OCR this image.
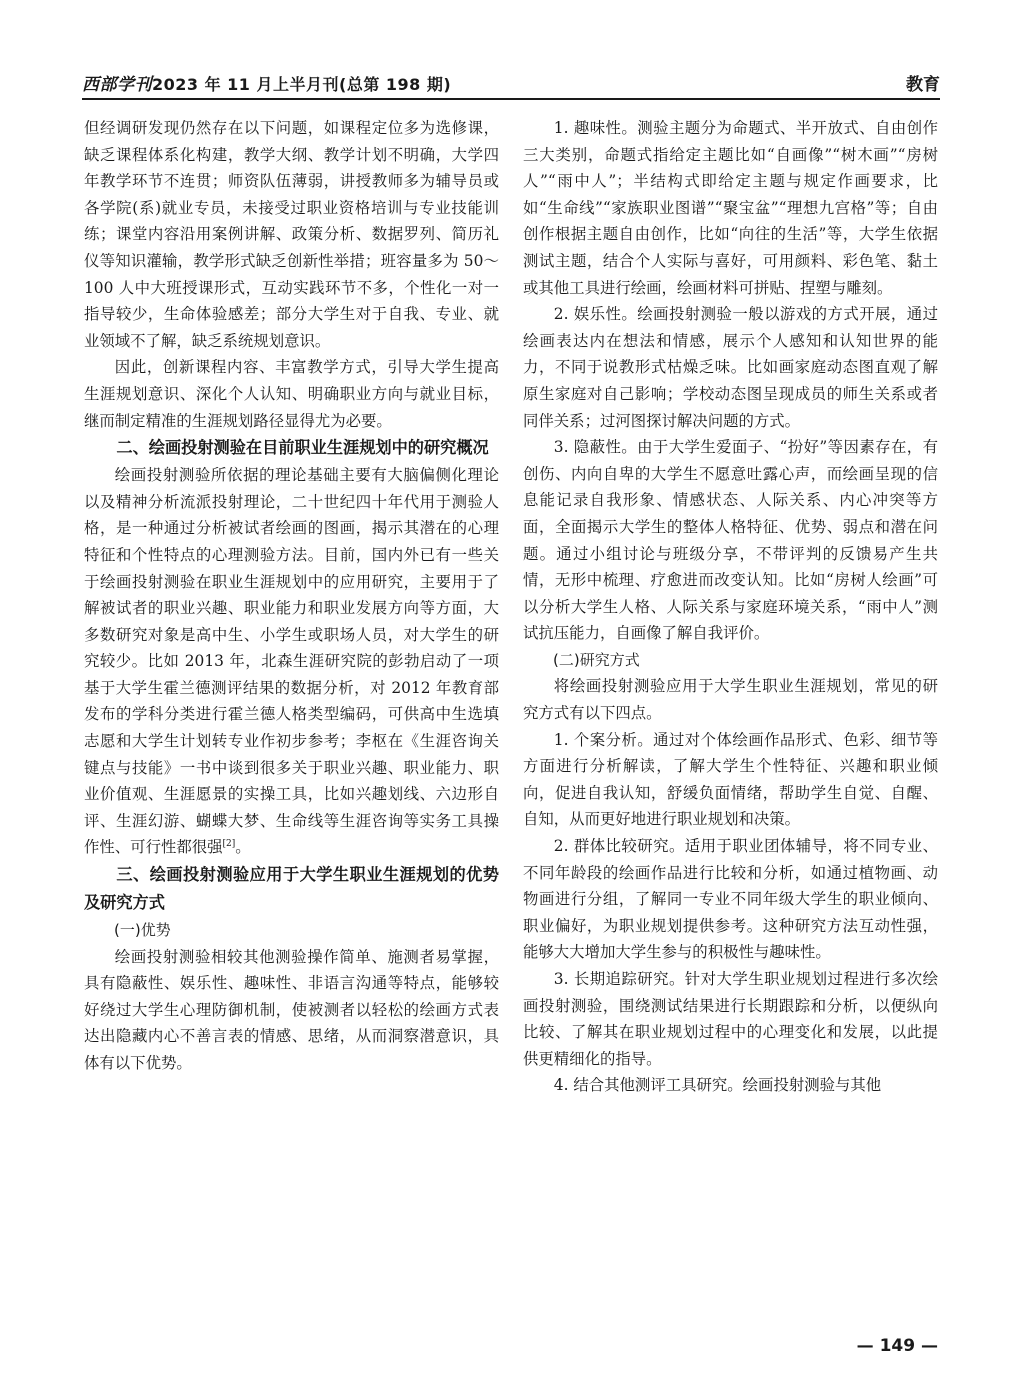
西部学刊2023 年 11 月上半月刊(总第 198 期)	教育

但经调研发现仍然存在以下问题，如课程定位多为选修课，缺乏课程体系化构建，教学大纲、教学计划不明确，大学四年教学环节不连贯；师资队伍薄弱，讲授教师多为辅导员或各学院(系)就业专员，未接受过职业资格培训与专业技能训练；课堂内容沿用案例讲解、政策分析、数据罗列、简历礼仪等知识灌输，教学形式缺乏创新性举措；班容量多为 50～100 人中大班授课形式，互动实践环节不多，个性化一对一指导较少，生命体验感差；部分大学生对于自我、专业、就业领域不了解，缺乏系统规划意识。

因此，创新课程内容、丰富教学方式，引导大学生提高生涯规划意识、深化个人认知、明确职业方向与就业目标，继而制定精准的生涯规划路径显得尤为必要。

二、绘画投射测验在目前职业生涯规划中的研究概况

绘画投射测验所依据的理论基础主要有大脑偏侧化理论以及精神分析流派投射理论，二十世纪四十年代用于测验人格，是一种通过分析被试者绘画的图画，揭示其潜在的心理特征和个性特点的心理测验方法。目前，国内外已有一些关于绘画投射测验在职业生涯规划中的应用研究，主要用于了解被试者的职业兴趣、职业能力和职业发展方向等方面，大多数研究对象是高中生、小学生或职场人员，对大学生的研究较少。比如 2013 年，北森生涯研究院的彭勃启动了一项基于大学生霍兰德测评结果的数据分析，对 2012 年教育部发布的学科分类进行霍兰德人格类型编码，可供高中生选填志愿和大学生计划转专业作初步参考；李枢在《生涯咨询关键点与技能》一书中谈到很多关于职业兴趣、职业能力、职业价值观、生涯愿景的实操工具，比如兴趣划线、六边形自评、生涯幻游、蝴蝶大梦、生命线等生涯咨询等实务工具操作性、可行性都很强[2]。

三、绘画投射测验应用于大学生职业生涯规划的优势及研究方式
(一)优势

绘画投射测验相较其他测验操作简单、施测者易掌握，具有隐蔽性、娱乐性、趣味性、非语言沟通等特点，能够较好绕过大学生心理防御机制，使被测者以轻松的绘画方式表达出隐藏内心不善言表的情感、思绪，从而洞察潜意识，具体有以下优势。

1. 趣味性。测验主题分为命题式、半开放式、自由创作三大类别，命题式指给定主题比如“自画像”“树木画”“房树人”“雨中人”；半结构式即给定主题与规定作画要求，比如“生命线”“家族职业图谱”“聚宝盆”“理想九宫格”等；自由创作根据主题自由创作，比如“向往的生活”等，大学生依据测试主题，结合个人实际与喜好，可用颜料、彩色笔、黏土或其他工具进行绘画，绘画材料可拼贴、捏塑与雕刻。

2. 娱乐性。绘画投射测验一般以游戏的方式开展，通过绘画表达内在想法和情感，展示个人感知和认知世界的能力，不同于说教形式枯燥乏味。比如画家庭动态图直观了解原生家庭对自己影响；学校动态图呈现成员的师生关系或者同伴关系；过河图探讨解决问题的方式。

3. 隐蔽性。由于大学生爱面子、“扮好”等因素存在，有创伤、内向自卑的大学生不愿意吐露心声，而绘画呈现的信息能记录自我形象、情感状态、人际关系、内心冲突等方面，全面揭示大学生的整体人格特征、优势、弱点和潜在问题。通过小组讨论与班级分享，不带评判的反馈易产生共情，无形中梳理、疗愈进而改变认知。比如“房树人绘画”可以分析大学生人格、人际关系与家庭环境关系，“雨中人”测试抗压能力，自画像了解自我评价。

(二)研究方式

将绘画投射测验应用于大学生职业生涯规划，常见的研究方式有以下四点。

1. 个案分析。通过对个体绘画作品形式、色彩、细节等方面进行分析解读，了解大学生个性特征、兴趣和职业倾向，促进自我认知，舒缓负面情绪，帮助学生自觉、自醒、自知，从而更好地进行职业规划和决策。

2. 群体比较研究。适用于职业团体辅导，将不同专业、不同年龄段的绘画作品进行比较和分析，如通过植物画、动物画进行分组，了解同一专业不同年级大学生的职业倾向、职业偏好，为职业规划提供参考。这种研究方法互动性强，能够大大增加大学生参与的积极性与趣味性。

3. 长期追踪研究。针对大学生职业规划过程进行多次绘画投射测验，围绕测试结果进行长期跟踪和分析，以便纵向比较、了解其在职业规划过程中的心理变化和发展，以此提供更精细化的指导。

4. 结合其他测评工具研究。绘画投射测验与其他

— 149 —
